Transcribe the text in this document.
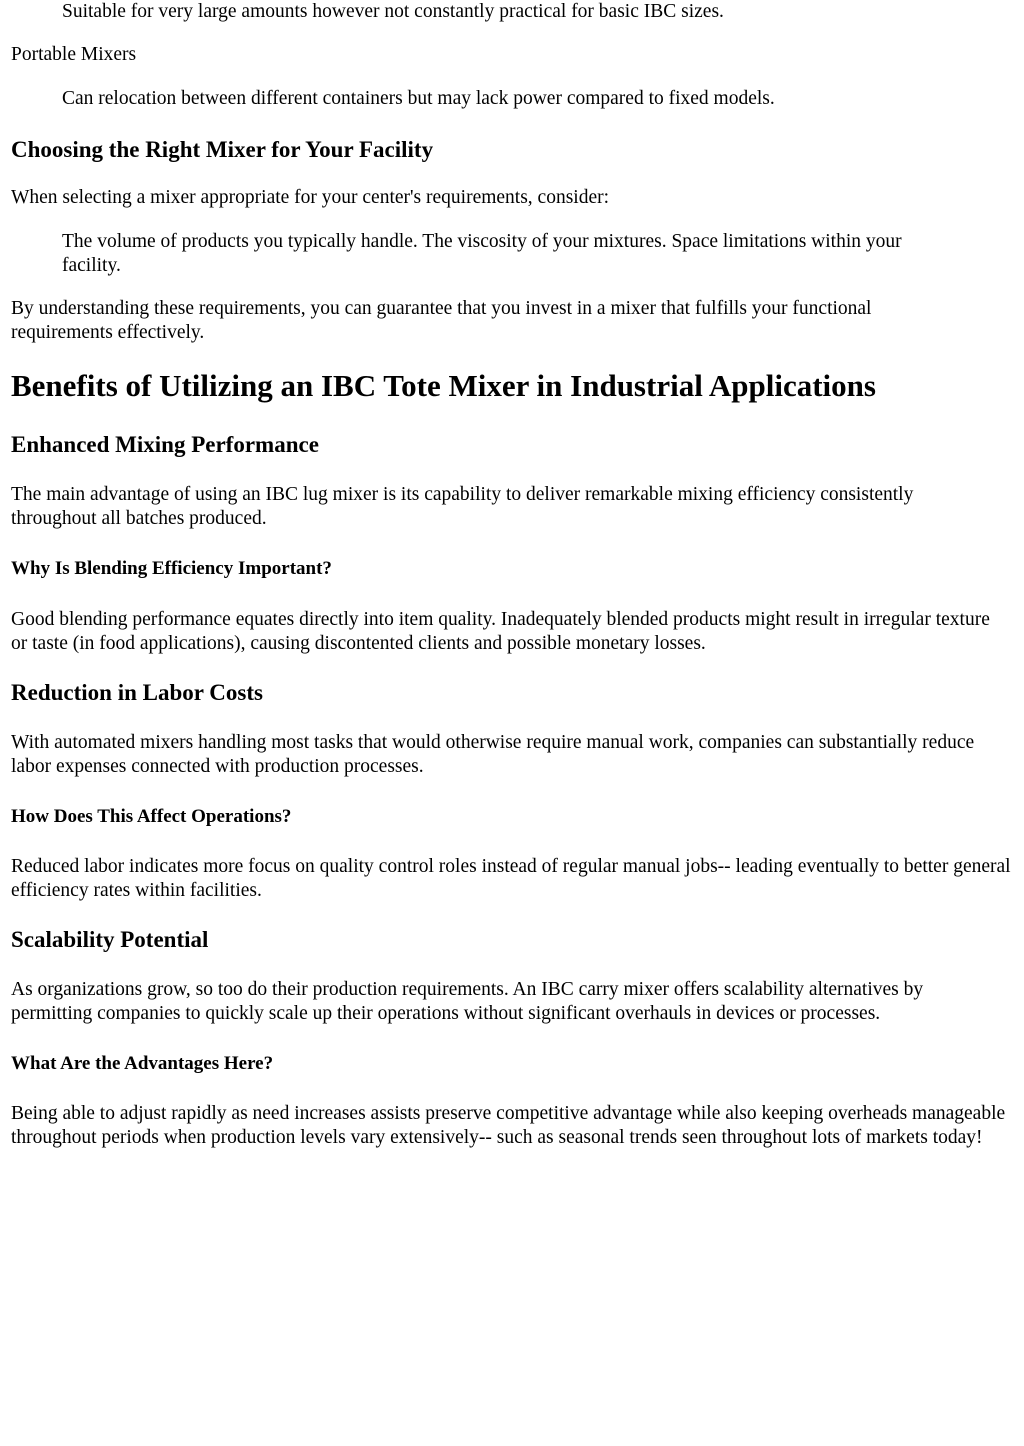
Suitable for very large amounts however not constantly practical for basic IBC sizes.

Portable Mixers

Can relocation between different containers but may lack power compared to fixed models.

Choosing the Right Mixer for Your Facility

When selecting a mixer appropriate for your center's requirements, consider:

The volume of products you typically handle. The viscosity of your mixtures. Space limitations within your facility.

By understanding these requirements, you can guarantee that you invest in a mixer that fulfills your functional requirements effectively.

Benefits of Utilizing an IBC Tote Mixer in Industrial Applications
Enhanced Mixing Performance

The main advantage of using an IBC lug mixer is its capability to deliver remarkable mixing efficiency consistently throughout all batches produced.

Why Is Blending Efficiency Important?

Good blending performance equates directly into item quality. Inadequately blended products might result in irregular texture or taste (in food applications), causing discontented clients and possible monetary losses.

Reduction in Labor Costs

With automated mixers handling most tasks that would otherwise require manual work, companies can substantially reduce labor expenses connected with production processes.

How Does This Affect Operations?

Reduced labor indicates more focus on quality control roles instead of regular manual jobs-- leading eventually to better general efficiency rates within facilities.

Scalability Potential

As organizations grow, so too do their production requirements. An IBC carry mixer offers scalability alternatives by permitting companies to quickly scale up their operations without significant overhauls in devices or processes.

What Are the Advantages Here?

Being able to adjust rapidly as need increases assists preserve competitive advantage while also keeping overheads manageable throughout periods when production levels vary extensively-- such as seasonal trends seen throughout lots of markets today!
